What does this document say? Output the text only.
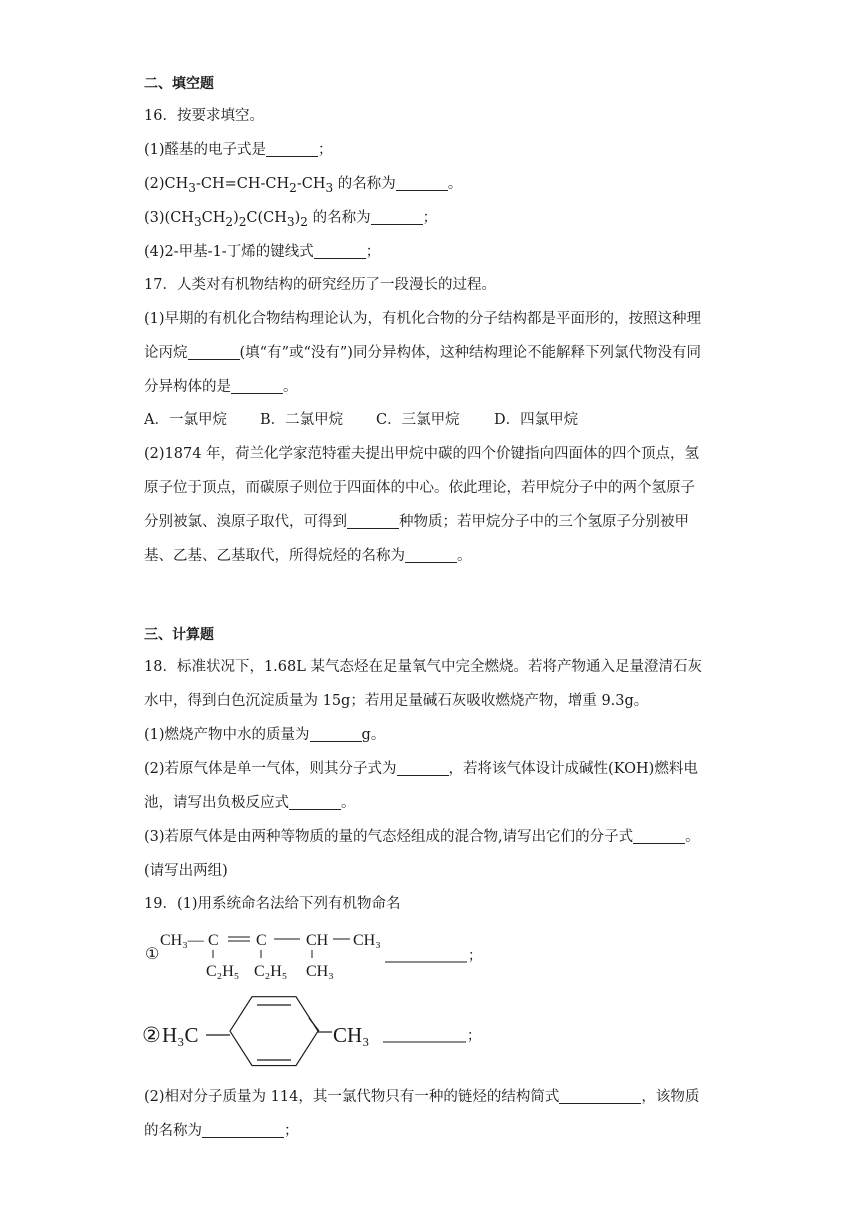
二、填空题
16．按要求填空。
(1)醛基的电子式是	；
$(2)CH_3-CH=CH-CH_2-CH_3$ 的名称为	。
$(3)(CH_3CH_2)_2C(CH_3)_2$ 的名称为	；
(4)2-甲基-1-丁烯的键线式	；
17．人类对有机物结构的研究经历了一段漫长的过程。
(1)早期的有机化合物结构理论认为，有机化合物的分子结构都是平面形的，按照这种理
论丙烷	(填“有”或“没有”)同分异构体，这种结构理论不能解释下列氯代物没有同
分异构体的是	。
A．一氯甲烷 B．二氯甲烷 C．三氯甲烷 D．四氯甲烷
(2)1874 年，荷兰化学家范特霍夫提出甲烷中碳的四个价键指向四面体的四个顶点，氢
原子位于顶点，而碳原子则位于四面体的中心。依此理论，若甲烷分子中的两个氢原子
分别被氯、溴原子取代，可得到	种物质；若甲烷分子中的三个氢原子分别被甲
基、乙基、乙基取代，所得烷烃的名称为	。
三、计算题
18．标准状况下，1.68L 某气态烃在足量氧气中完全燃烧。若将产物通入足量澄清石灰
水中，得到白色沉淀质量为 15g；若用足量碱石灰吸收燃烧产物，增重 9.3g。
(1)燃烧产物中水的质量为	g。
(2)若原气体是单一气体，则其分子式为	，若将该气体设计成碱性(KOH)燃料电
池，请写出负极反应式	。
(3)若原气体是由两种等物质的量的气态烃组成的混合物,请写出它们的分子式	。
(请写出两组)
19．(1)用系统命名法给下列有机物命名
①
CH₃— C C CH CH₃
C₂H₅ C₂H₅ CH₃
；
② H₃C	CH₃	；
(2)相对分子质量为 114，其一氯代物只有一种的链烃的结构简式	，该物质
的名称为	；
